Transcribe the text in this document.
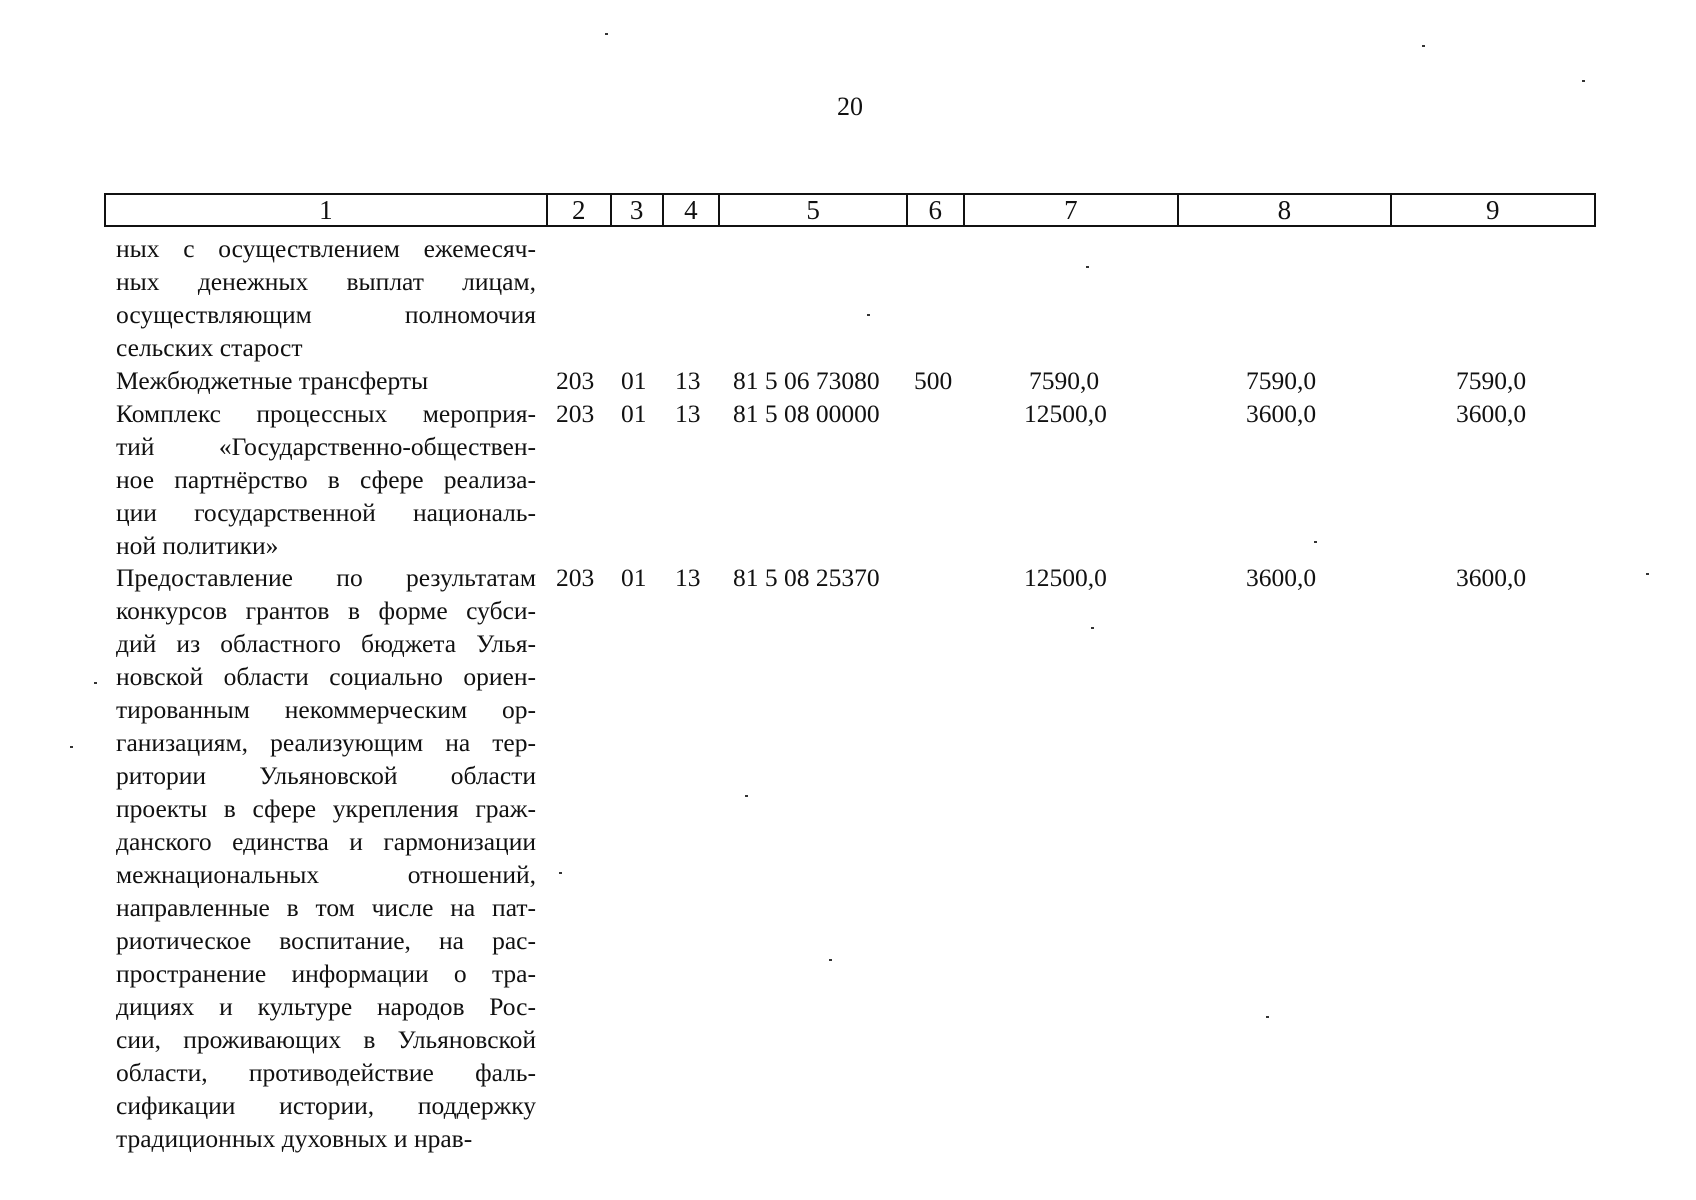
20
1	2	3	4	5	6	7	8	9
ных с осуществлением ежемесяч-
ных денежных выплат лицам,
осуществляющим полномочия
сельских старост
Межбюджетные трансферты	203 01 13 81 5 06 73080 500	7590,0	7590,0	7590,0
Комплекс процессных мероприя-
тий «Государственно-обществен-
ное партнёрство в сфере реализа-
ции государственной националь-
ной политики»
203 01 13 81 5 08 00000	12500,0	3600,0	3600,0
Предоставление по результатам
конкурсов грантов в форме субси-
дий из областного бюджета Улья-
новской области социально ориен-
тированным некоммерческим ор-
ганизациям, реализующим на тер-
ритории Ульяновской области
проекты в сфере укрепления граж-
данского единства и гармонизации
межнациональных отношений,
направленные в том числе на пат-
риотическое воспитание, на рас-
пространение информации о тра-
дициях и культуре народов Рос-
сии, проживающих в Ульяновской
области, противодействие фаль-
сификации истории, поддержку
традиционных духовных и нрав-
203 01 13 81 5 08 25370	12500,0	3600,0	3600,0
